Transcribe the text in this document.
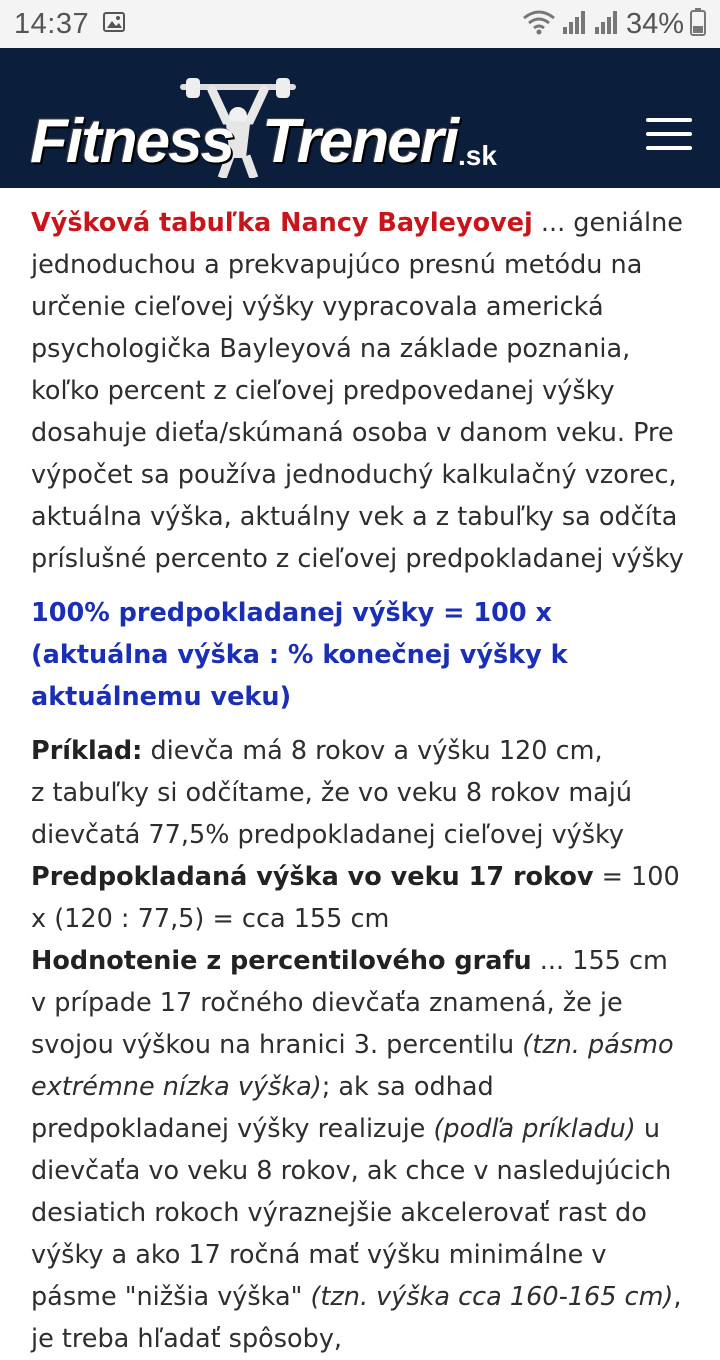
14:37	34%
Fitness Treneri .sk

Výšková tabuľka Nancy Bayleyovej ... geniálne jednoduchou a prekvapujúco presnú metódu na určenie cieľovej výšky vypracovala americká psychologička Bayleyová na základe poznania, koľko percent z cieľovej predpovedanej výšky dosahuje dieťa/skúmaná osoba v danom veku. Pre výpočet sa používa jednoduchý kalkulačný vzorec, aktuálna výška, aktuálny vek a z tabuľky sa odčíta príslušné percento z cieľovej predpokladanej výšky

100% predpokladanej výšky = 100 x (aktuálna výška : % konečnej výšky k aktuálnemu veku)

Príklad: dievča má 8 rokov a výšku 120 cm,
z tabuľky si odčítame, že vo veku 8 rokov majú dievčatá 77,5% predpokladanej cieľovej výšky
Predpokladaná výška vo veku 17 rokov = 100 x (120 : 77,5) = cca 155 cm
Hodnotenie z percentilového grafu ... 155 cm v prípade 17 ročného dievčaťa znamená, že je svojou výškou na hranici 3. percentilu (tzn. pásmo extrémne nízka výška); ak sa odhad predpokladanej výšky realizuje (podľa príkladu) u dievčaťa vo veku 8 rokov, ak chce v nasledujúcich desiatich rokoch výraznejšie akcelerovať rast do výšky a ako 17 ročná mať výšku minimálne v pásme "nižšia výška" (tzn. výška cca 160-165 cm), je treba hľadať spôsoby,
